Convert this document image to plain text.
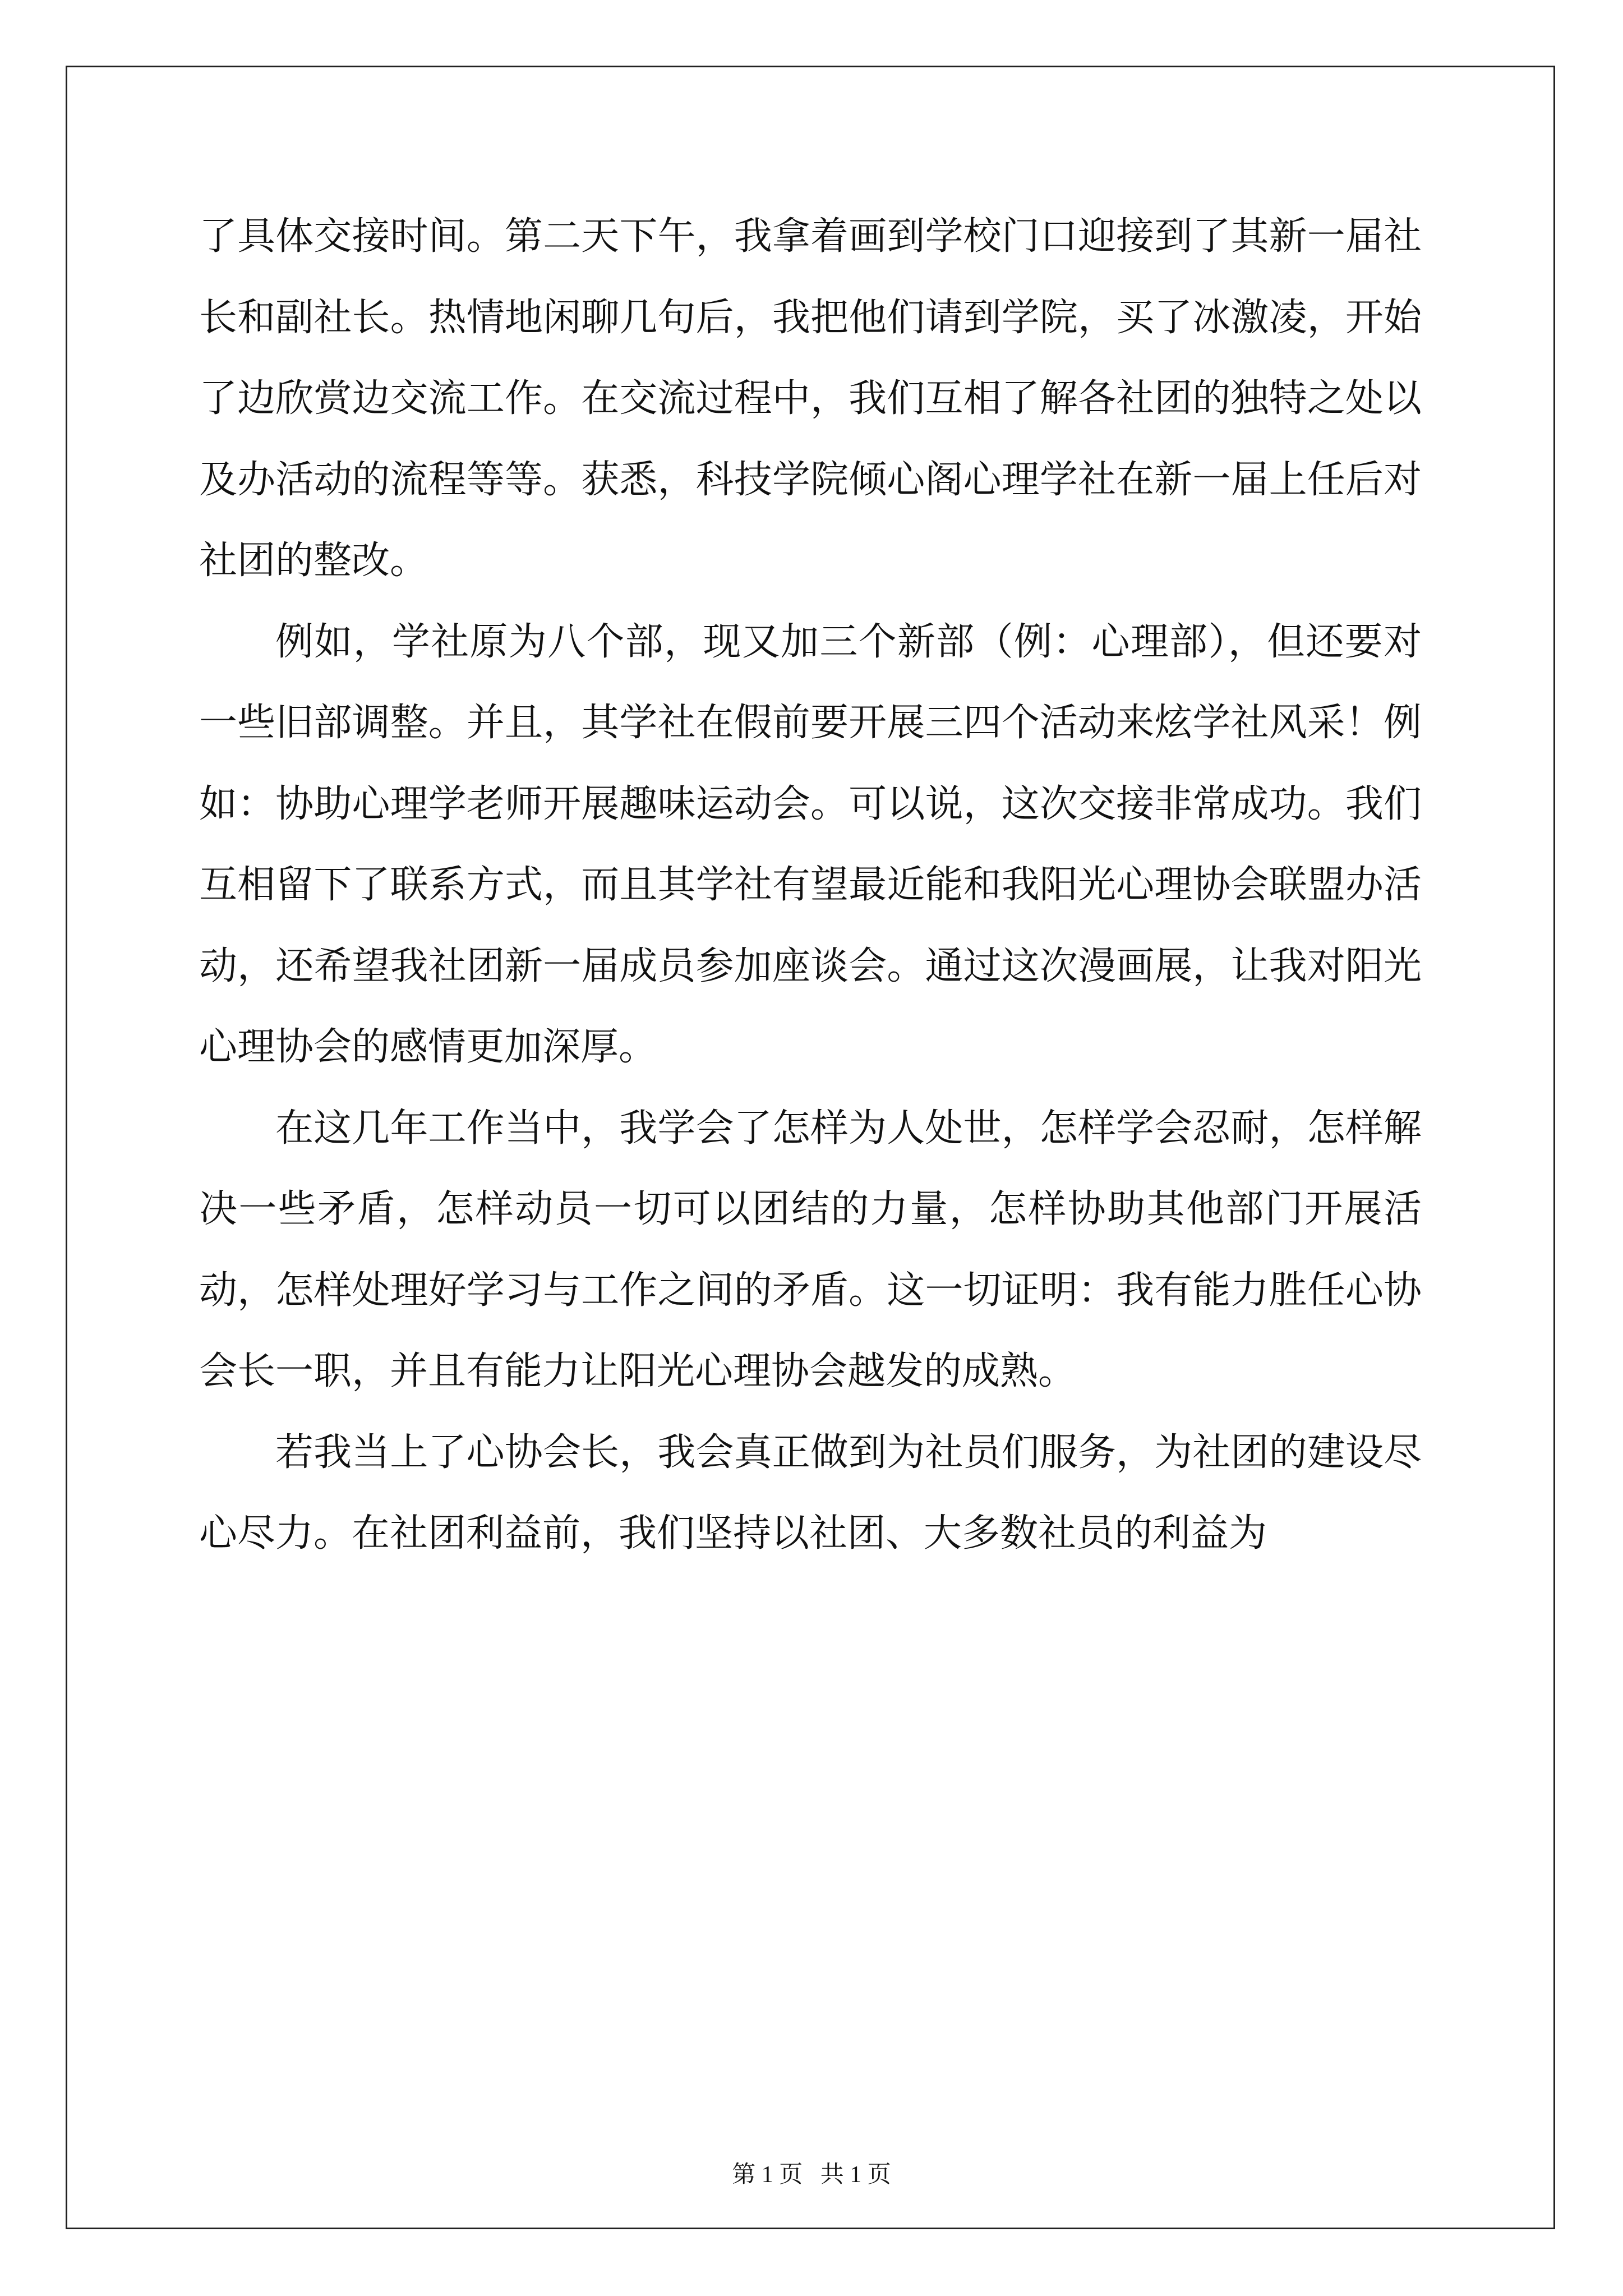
了具体交接时间。第二天下午，我拿着画到学校门口迎接到了其新一届社长和副社长。热情地闲聊几句后，我把他们请到学院，买了冰激凌，开始了边欣赏边交流工作。在交流过程中，我们互相了解各社团的独特之处以及办活动的流程等等。获悉，科技学院倾心阁心理学社在新一届上任后对社团的整改。

例如，学社原为八个部，现又加三个新部（例：心理部），但还要对一些旧部调整。并且，其学社在假前要开展三四个活动来炫学社风采！例如：协助心理学老师开展趣味运动会。可以说，这次交接非常成功。我们互相留下了联系方式，而且其学社有望最近能和我阳光心理协会联盟办活动，还希望我社团新一届成员参加座谈会。通过这次漫画展，让我对阳光心理协会的感情更加深厚。

在这几年工作当中，我学会了怎样为人处世，怎样学会忍耐，怎样解决一些矛盾，怎样动员一切可以团结的力量，怎样协助其他部门开展活动，怎样处理好学习与工作之间的矛盾。这一切证明：我有能力胜任心协会长一职，并且有能力让阳光心理协会越发的成熟。

若我当上了心协会长，我会真正做到为社员们服务，为社团的建设尽心尽力。在社团利益前，我们坚持以社团、大多数社员的利益为

第 1 页   共 1 页
